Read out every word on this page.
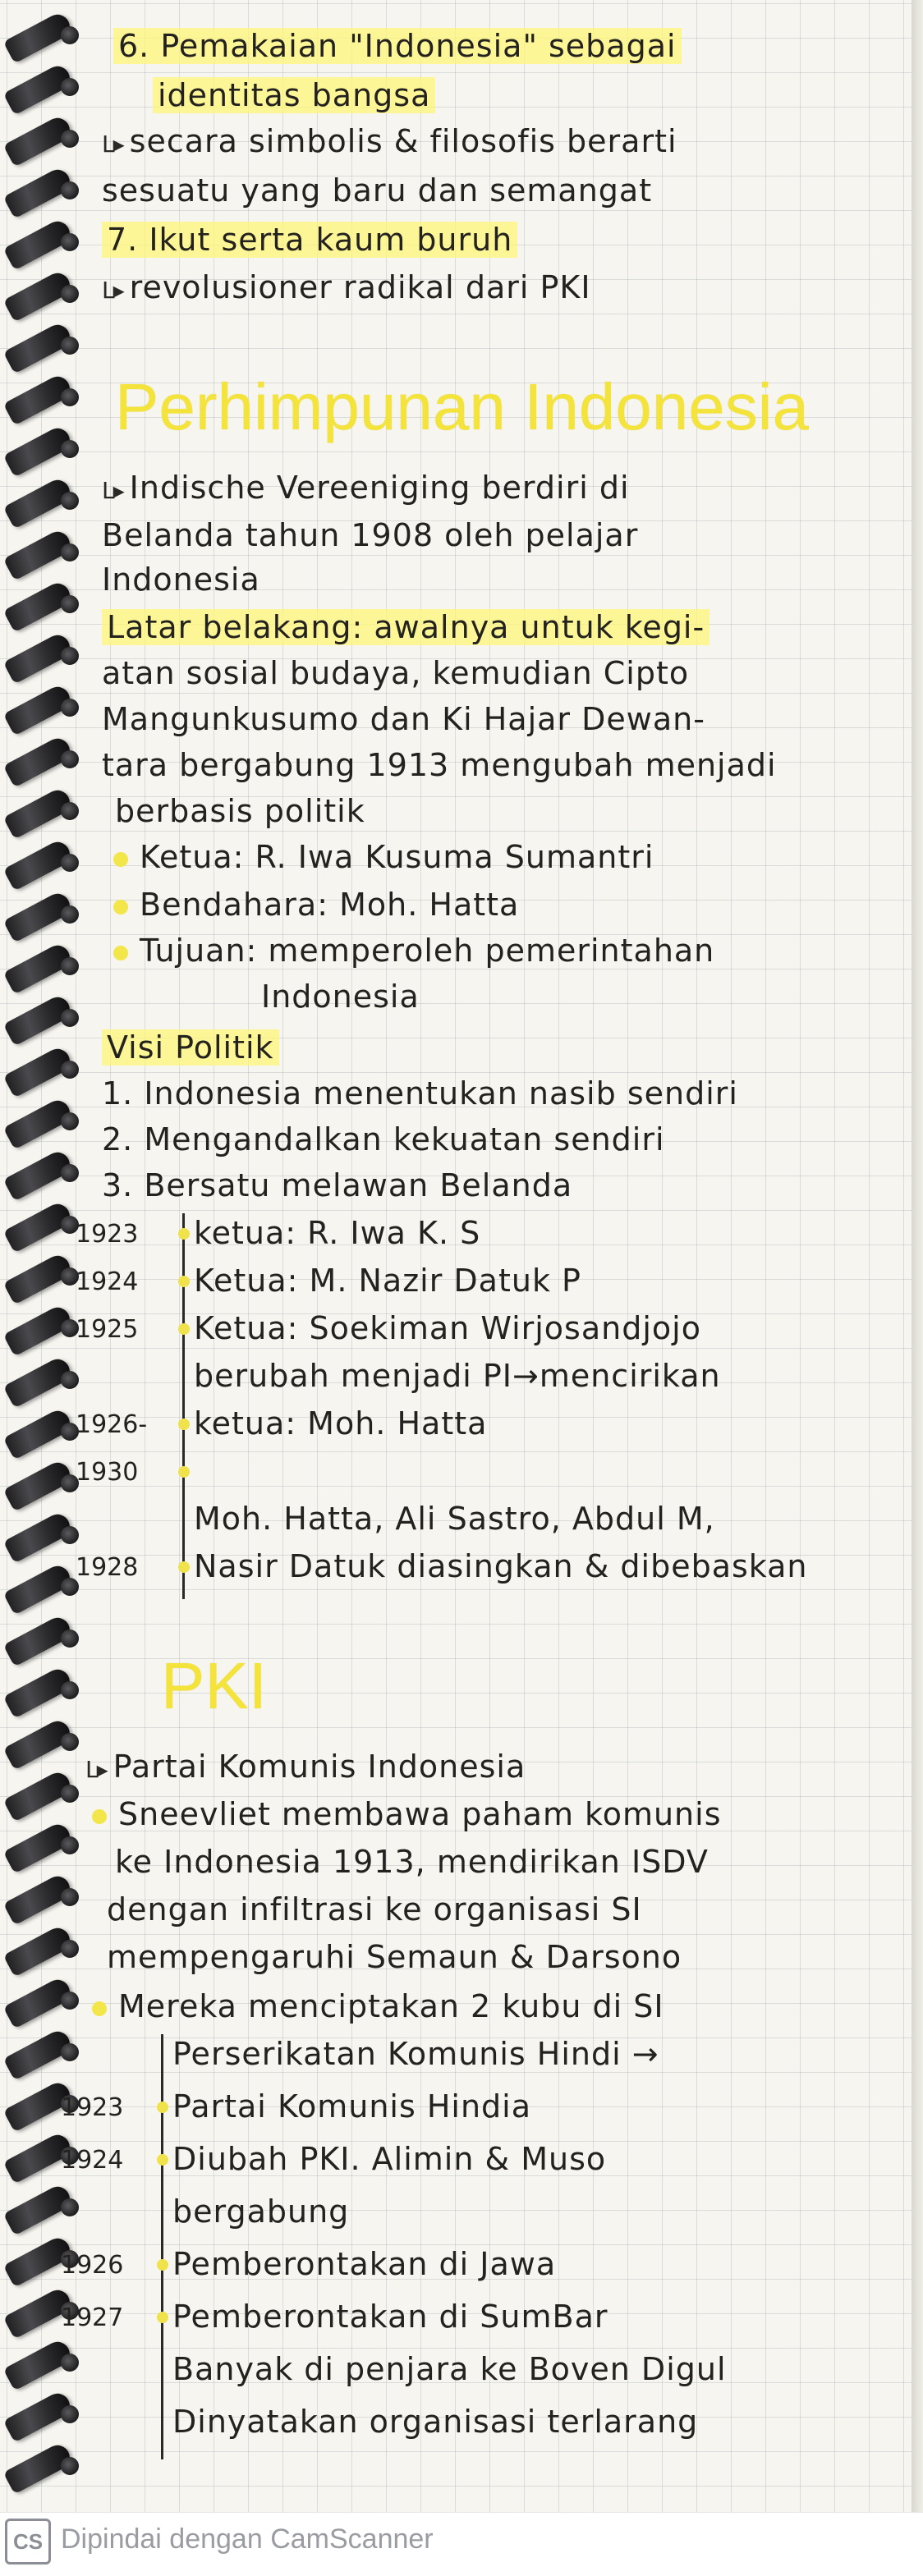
6. Pemakaian "Indonesia" sebagai
identitas bangsa
L▸ secara simbolis & filosofis berarti
sesuatu yang baru dan semangat
7. Ikut serta kaum buruh
L▸ revolusioner radikal dari PKI
Perhimpunan Indonesia
L▸ Indische Vereeniging berdiri di
Belanda tahun 1908 oleh pelajar
Indonesia
Latar belakang: awalnya untuk kegi-
atan sosial budaya, kemudian Cipto
Mangunkusumo dan Ki Hajar Dewan-
tara bergabung 1913 mengubah menjadi
berbasis politik
Ketua: R. Iwa Kusuma Sumantri
Bendahara: Moh. Hatta
Tujuan: memperoleh pemerintahan
Indonesia
Visi Politik
1. Indonesia menentukan nasib sendiri
2. Mengandalkan kekuatan sendiri
3. Bersatu melawan Belanda
1923 ketua: R. Iwa K. S
1924 Ketua: M. Nazir Datuk P
1925 Ketua: Soekiman Wirjosandjojo
berubah menjadi PI→mencirikan
1926- ketua: Moh. Hatta
1930
Moh. Hatta, Ali Sastro, Abdul M,
1928 Nasir Datuk diasingkan & dibebaskan
PKI
L▸ Partai Komunis Indonesia
Sneevliet membawa paham komunis
ke Indonesia 1913, mendirikan ISDV
dengan infiltrasi ke organisasi SI
mempengaruhi Semaun & Darsono
Mereka menciptakan 2 kubu di SI
Perserikatan Komunis Hindi →
1923 Partai Komunis Hindia
1924 Diubah PKI. Alimin & Muso
bergabung
1926 Pemberontakan di Jawa
1927 Pemberontakan di SumBar
Banyak di penjara ke Boven Digul
Dinyatakan organisasi terlarang
CS Dipindai dengan CamScanner
